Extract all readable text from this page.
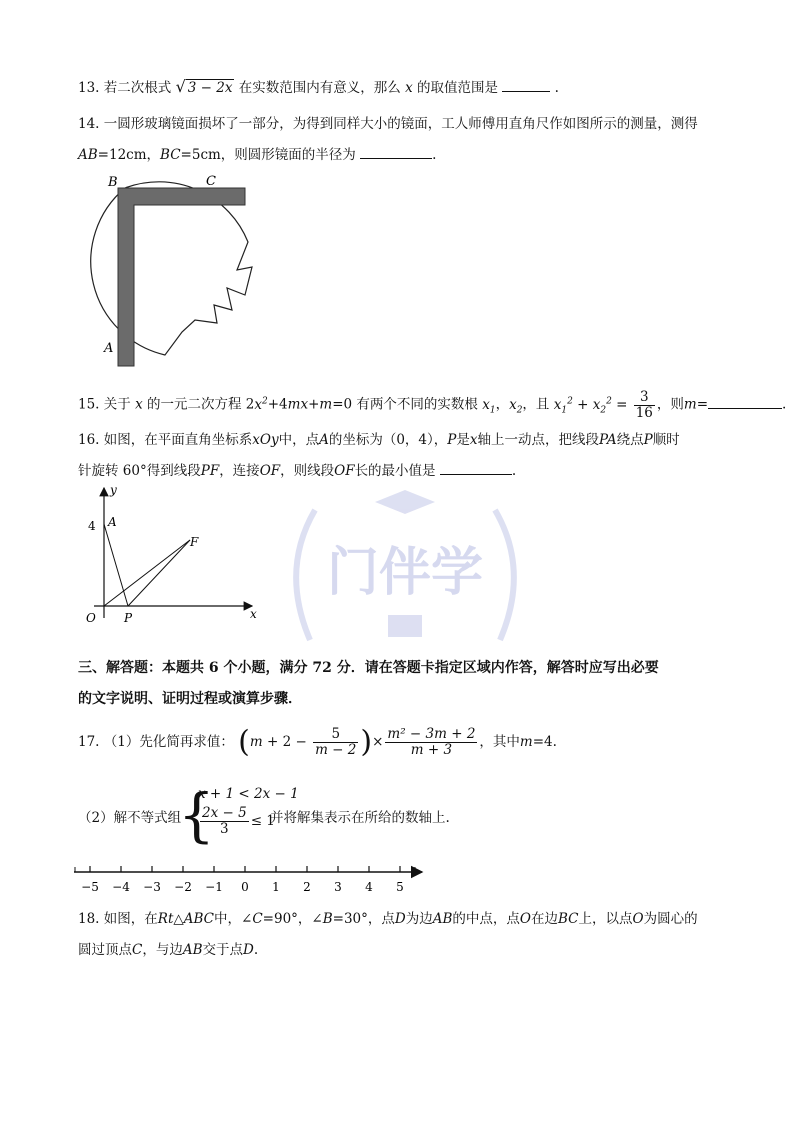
门伴学
13. 若二次根式 √ 3 − 2x 在实数范围内有意义，那么 x 的取值范围是	.
14. 一圆形玻璃镜面损坏了一部分，为得到同样大小的镜面，工人师傅用直角尺作如图所示的测量，测得
AB=12cm，BC=5cm，则圆形镜面的半径为	.
B	C
A
15. 关于 x 的一元二次方程 $2x^2+4mx+m=0$ 有两个不同的实数根 $x_1$，$x_2$，且 $x_1^2 + x_2^2 = \frac{3}{16}$ ，则m=	.
16. 如图，在平面直角坐标系xOy中，点A的坐标为（0，4），P是x轴上一动点，把线段PA绕点P顺时
针旋转 60°得到线段PF，连接OF，则线段OF长的最小值是	.
y
x
4 A
F
O P
三、解答题：本题共 6 个小题，满分 72 分．请在答题卡指定区域内作答，解答时应写出必要
的文字说明、证明过程或演算步骤．
17. （1）先化简再求值： ($m + 2 - \frac{5}{m - 2}$ )× $\frac{\text{m² − 3m + 2}}{m + 3}$ ，其中m=4.
（2）解不等式组
{
x + 1 < 2x − 1
$\frac{2x - 5}{3} \le 1$
并将解集表示在所给的数轴上.
−5 −4 −3 −2 −1 0 1 2 3 4 5
18. 如图，在Rt△ABC中，∠C=90°，∠B=30°，点D为边AB的中点，点O在边BC上，以点O为圆心的
圆过顶点C，与边AB交于点D.
